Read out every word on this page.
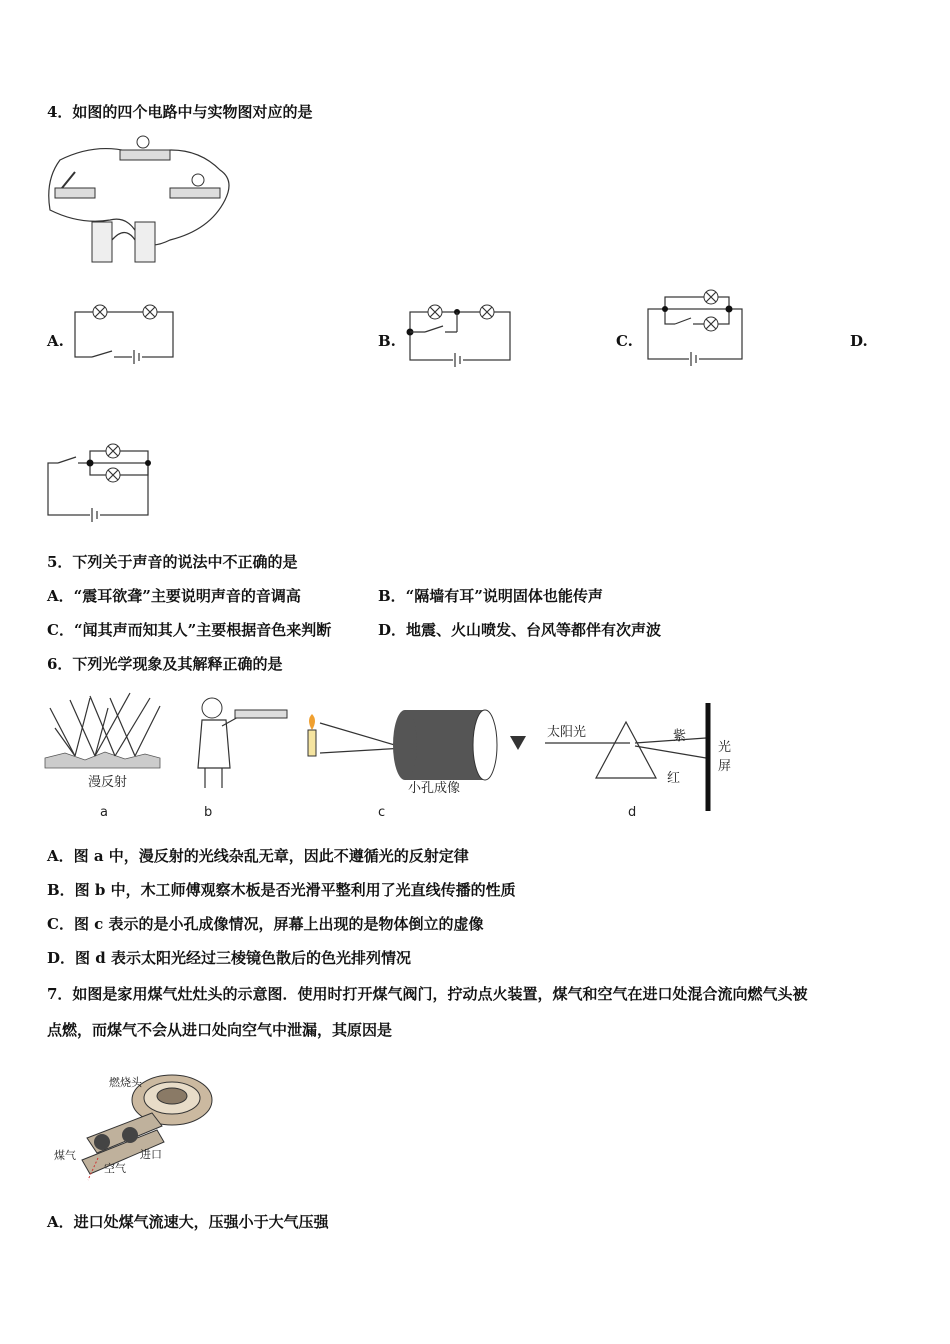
4．如图的四个电路中与实物图对应的是
A.	B.	C.	D.
5．下列关于声音的说法中不正确的是
A．“震耳欲聋”主要说明声音的音调高	B．“隔墙有耳”说明固体也能传声
C．“闻其声而知其人”主要根据音色来判断	D．地震、火山喷发、台风等都伴有次声波
6．下列光学现象及其解释正确的是
漫反射
a	b
小孔成像
c
太阳光	紫
红
光
屏
d
A．图 a 中，漫反射的光线杂乱无章，因此不遵循光的反射定律
B．图 b 中，木工师傅观察木板是否光滑平整利用了光直线传播的性质
C．图 c 表示的是小孔成像情况，屏幕上出现的是物体倒立的虚像
D．图 d 表示太阳光经过三棱镜色散后的色光排列情况
7．如图是家用煤气灶灶头的示意图．使用时打开煤气阀门，拧动点火装置，煤气和空气在进口处混合流向燃气头被
点燃，而煤气不会从进口处向空气中泄漏，其原因是
燃烧头
煤气	进口
空气
A．进口处煤气流速大，压强小于大气压强
